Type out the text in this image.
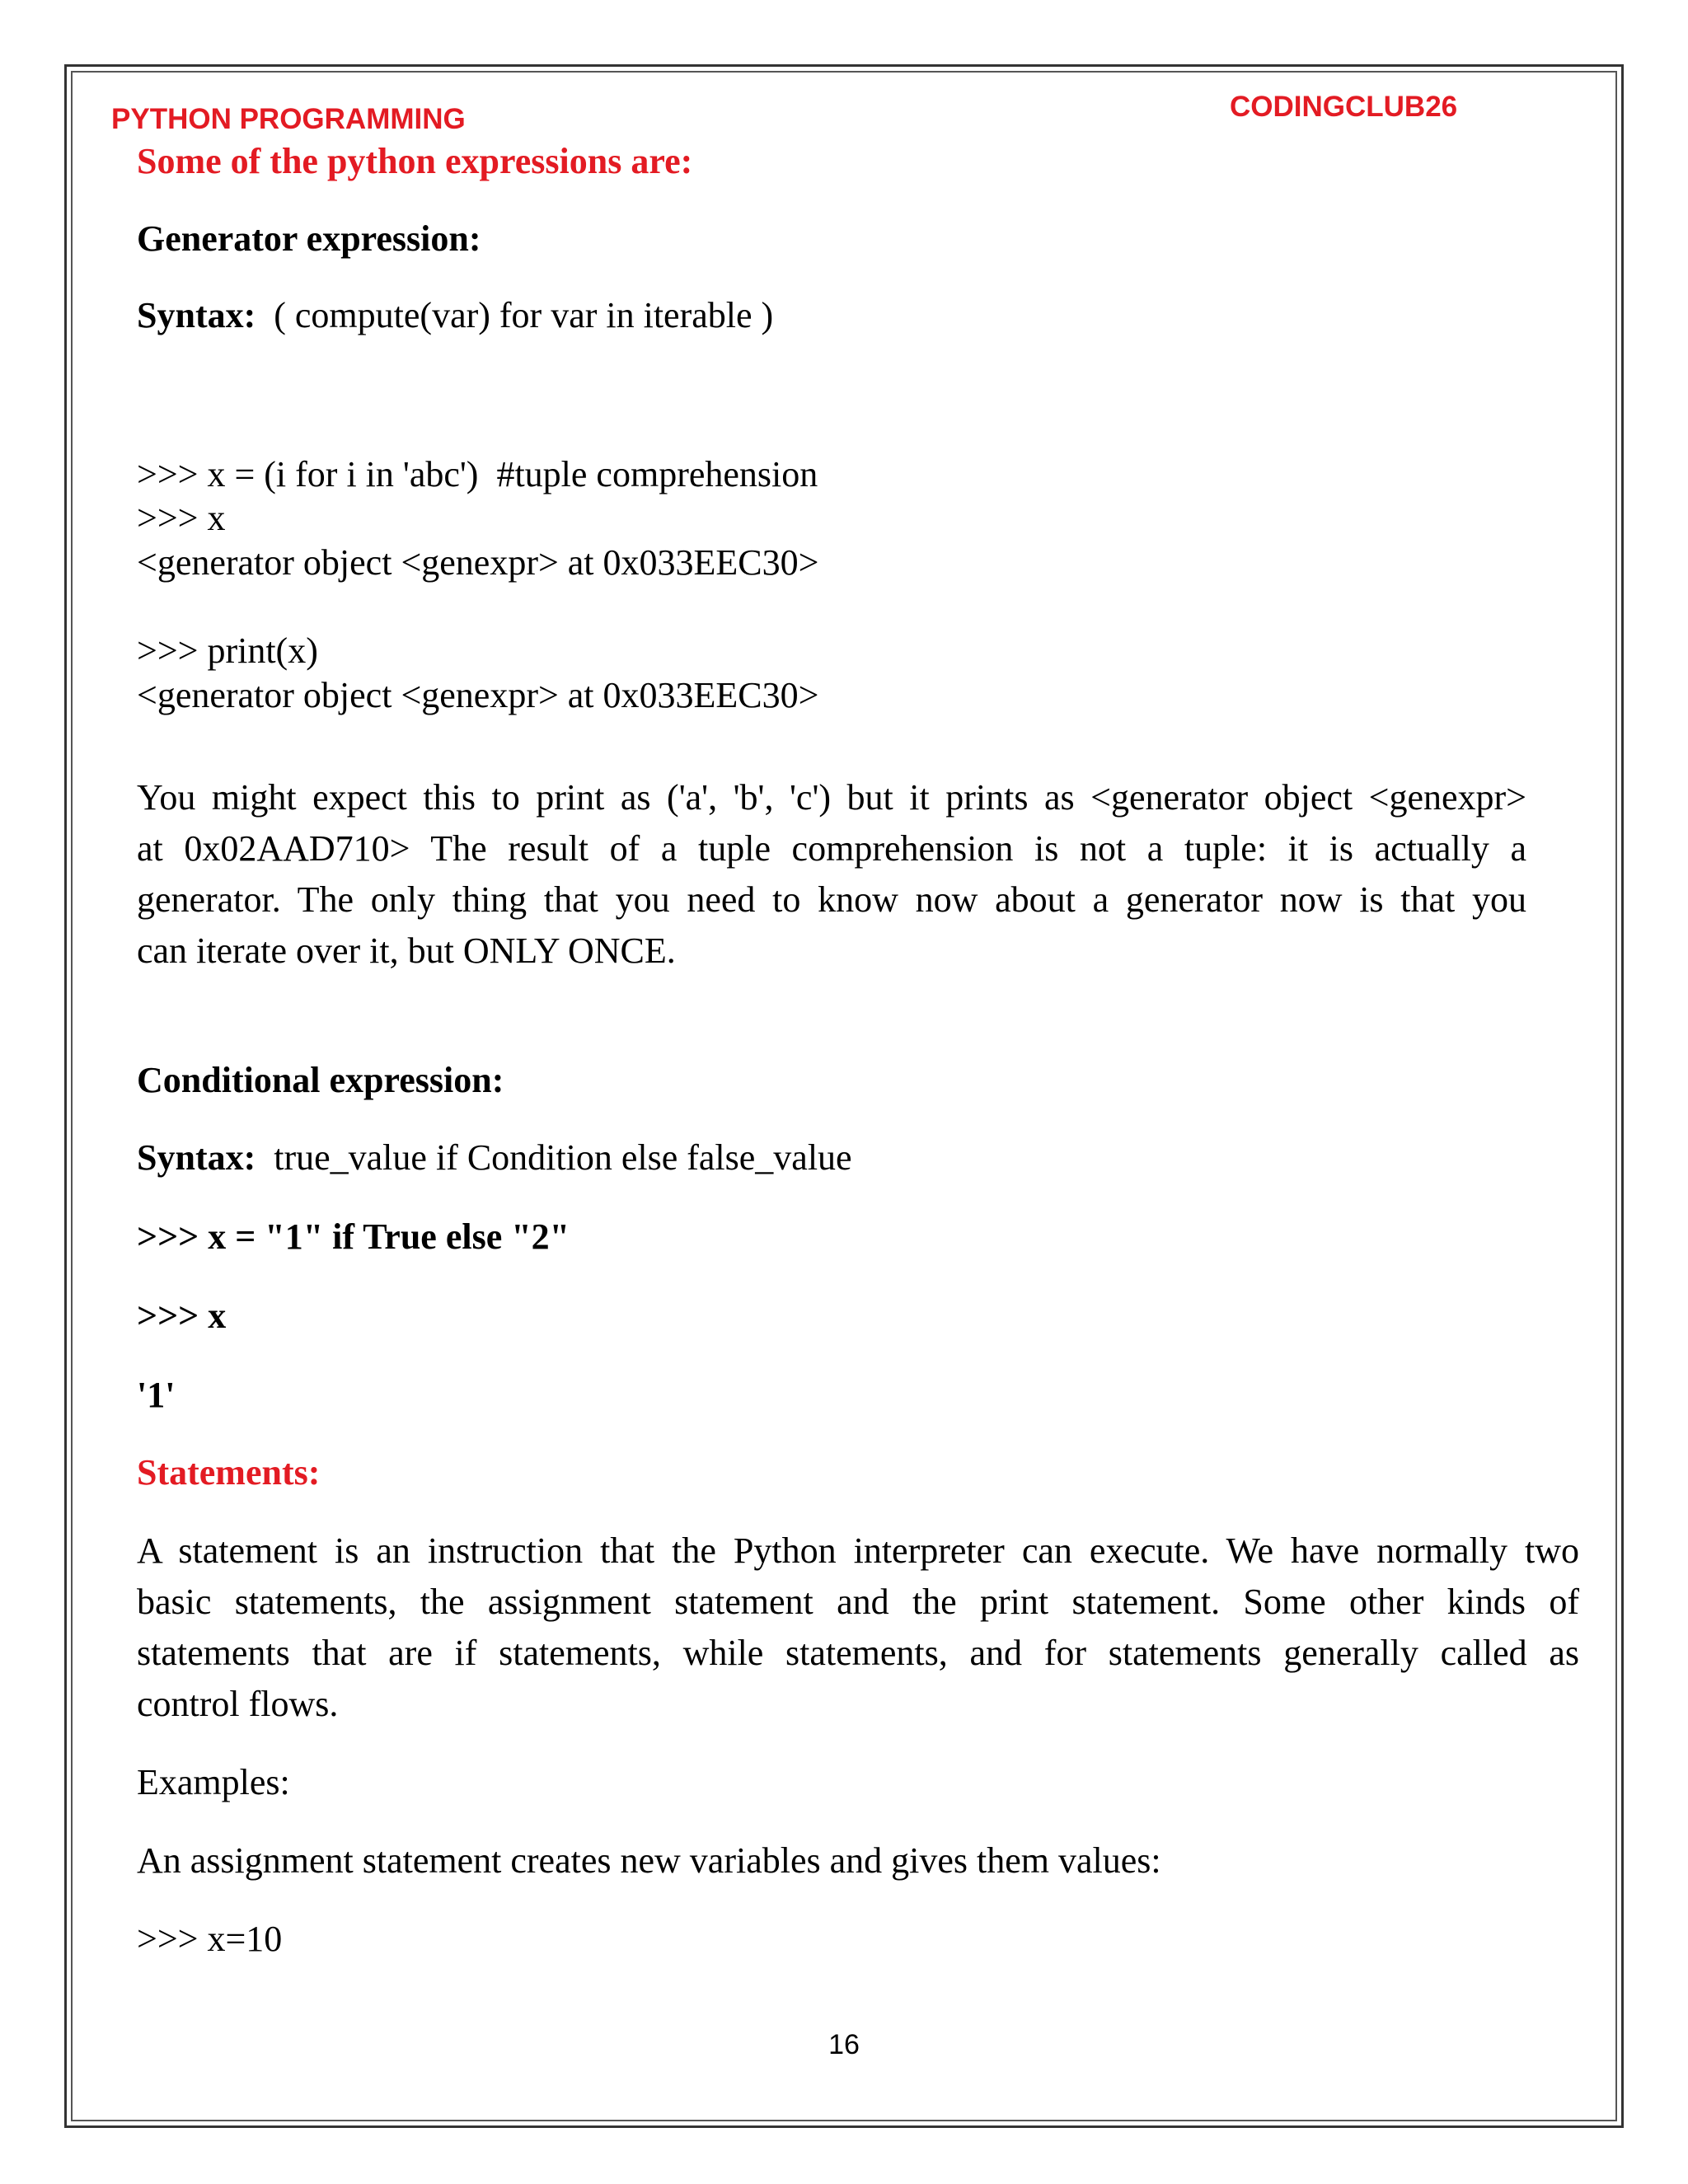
PYTHON PROGRAMMING	CODINGCLUB26
Some of the python expressions are:
Generator expression:
Syntax: ( compute(var) for var in iterable )
>>> x = (i for i in 'abc')  #tuple comprehension
>>> x
<generator object <genexpr> at 0x033EEC30>
>>> print(x)
<generator object <genexpr> at 0x033EEC30>
You might expect this to print as ('a', 'b', 'c') but it prints as <generator object <genexpr>
at 0x02AAD710> The result of a tuple comprehension is not a tuple: it is actually a
generator. The only thing that you need to know now about a generator now is that you
can iterate over it, but ONLY ONCE.
Conditional expression:
Syntax: true_value if Condition else false_value
>>> x = "1" if True else "2"
>>> x
'1'
Statements:
A statement is an instruction that the Python interpreter can execute. We have normally two
basic statements, the assignment statement and the print statement. Some other kinds of
statements that are if statements, while statements, and for statements generally called as
control flows.
Examples:
An assignment statement creates new variables and gives them values:
>>> x=10
16
